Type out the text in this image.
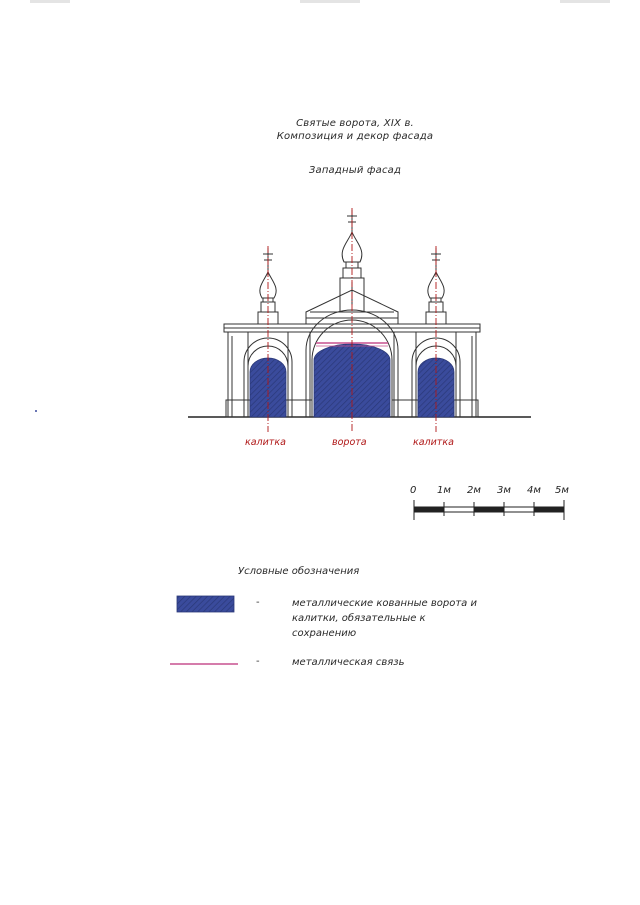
Святые ворота, XIX в.
Композиция и декор фасада
Западный фасад
калитка	ворота	калитка
0 1м 2м 3м 4м 5м
Условные обозначения
-	металлические кованные ворота и
калитки, обязательные к
сохранению
-	металлическая связь
